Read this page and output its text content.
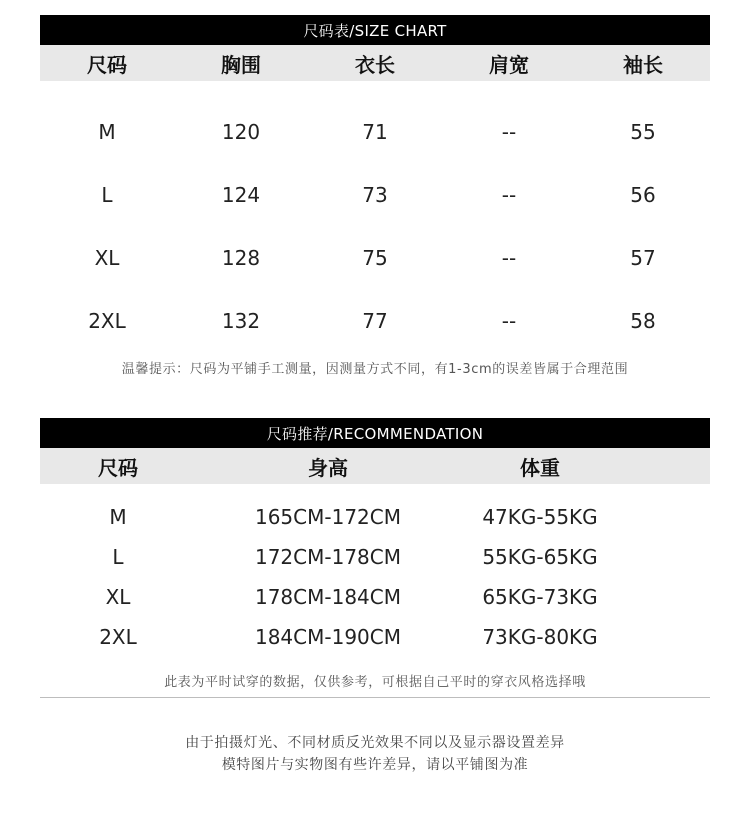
尺码表/SIZE CHART
尺码	胸围	衣长	肩宽	袖长
M	120	71	--	55
L	124	73	--	56
XL	128	75	--	57
2XL	132	77	--	58
温馨提示：尺码为平铺手工测量，因测量方式不同，有1-3cm的误差皆属于合理范围
尺码推荐/RECOMMENDATION
尺码	身高	体重
M	165CM-172CM	47KG-55KG
L	172CM-178CM	55KG-65KG
XL	178CM-184CM	65KG-73KG
2XL	184CM-190CM	73KG-80KG
此表为平时试穿的数据，仅供参考，可根据自己平时的穿衣风格选择哦
由于拍摄灯光、不同材质反光效果不同以及显示器设置差异
模特图片与实物图有些许差异，请以平铺图为准
